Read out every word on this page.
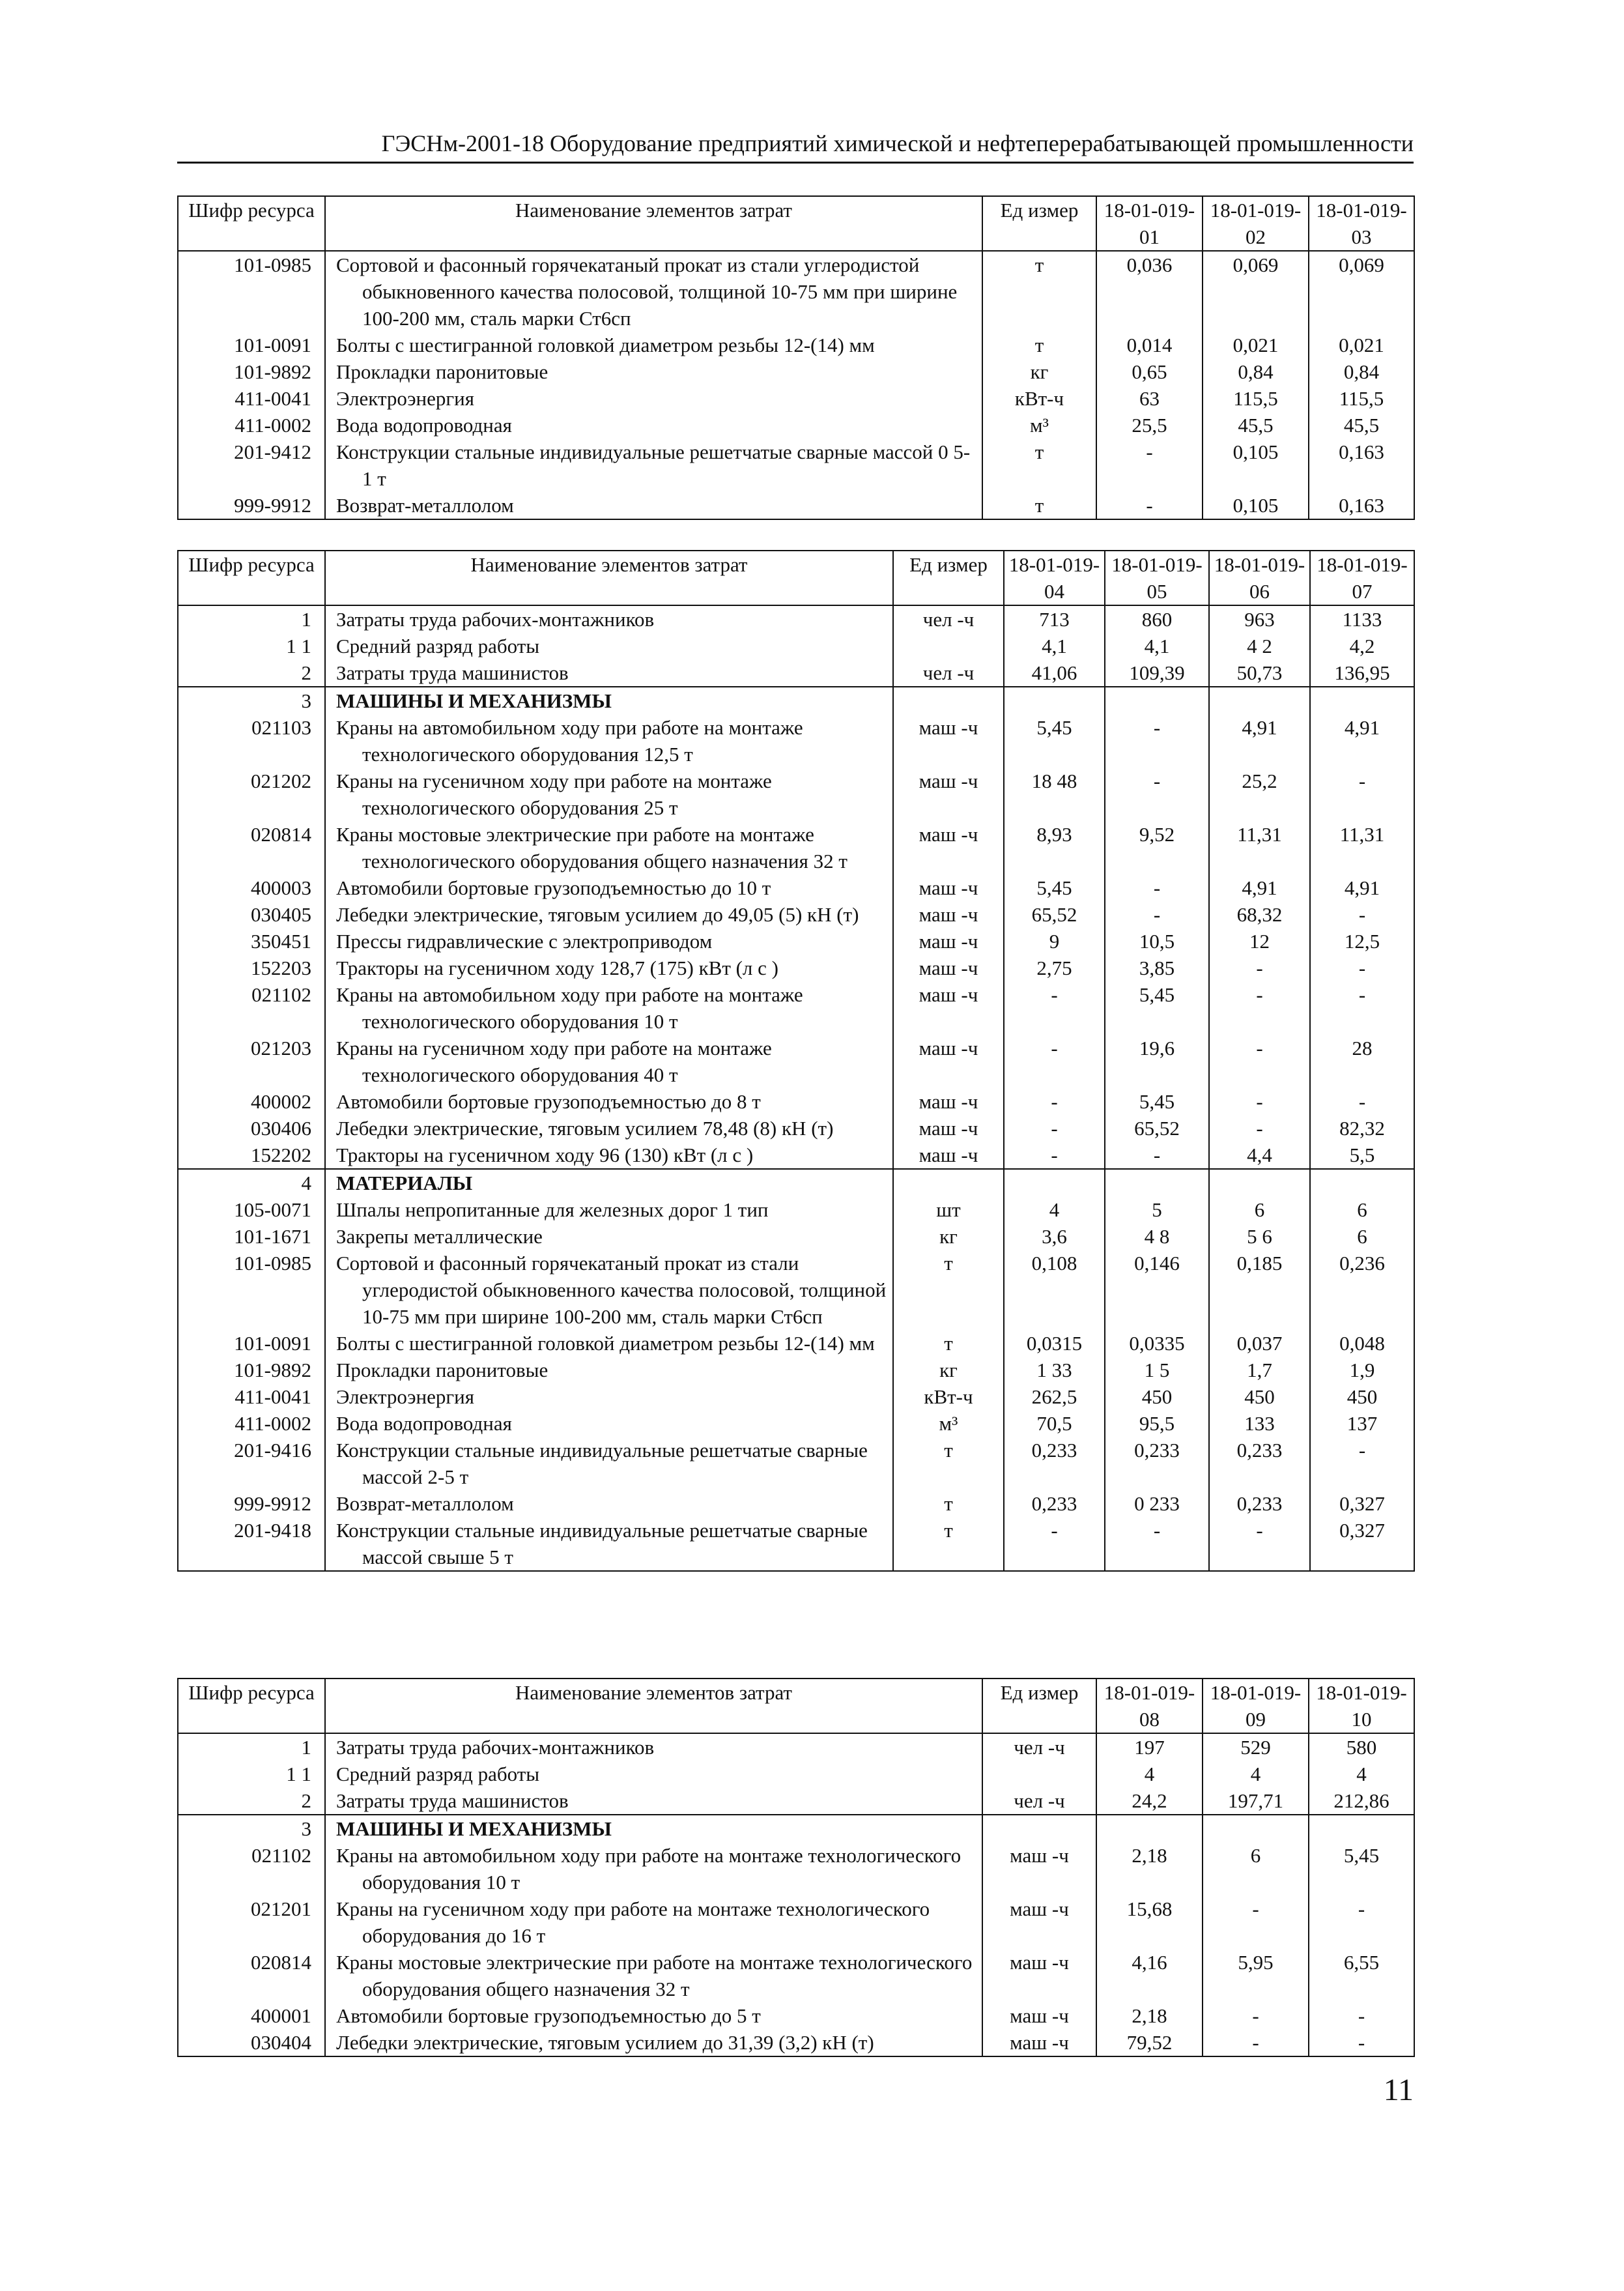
ГЭСНм-2001-18 Оборудование предприятий химической и нефтеперерабатывающей промышленности
Шифр ресурса	Наименование элементов затрат	Ед измер	18-01-019-01	18-01-019-02	18-01-019-03
101-0985	Сортовой и фасонный горячекатаный прокат из стали углеродистой обыкновенного качества полосовой, толщиной 10-75 мм при ширине 100-200 мм, сталь марки Ст6сп	т	0,036	0,069	0,069
101-0091	Болты с шестигранной головкой диаметром резьбы 12-(14) мм	т	0,014	0,021	0,021
101-9892	Прокладки паронитовые	кг	0,65	0,84	0,84
411-0041	Электроэнергия	кВт-ч	63	115,5	115,5
411-0002	Вода водопроводная	м³	25,5	45,5	45,5
201-9412	Конструкции стальные индивидуальные решетчатые сварные массой 0 5-1 т	т	-	0,105	0,163
999-9912	Возврат-металлолом	т	-	0,105	0,163
Шифр ресурса	Наименование элементов затрат	Ед измер	18-01-019-04	18-01-019-05	18-01-019-06	18-01-019-07
1	Затраты труда рабочих-монтажников	чел -ч	713	860	963	1133
1 1	Средний разряд работы		4,1	4,1	4 2	4,2
2	Затраты труда машинистов	чел -ч	41,06	109,39	50,73	136,95
3	МАШИНЫ И МЕХАНИЗМЫ					

021103	Краны на автомобильном ходу при работе на монтаже технологического оборудования 12,5 т	маш -ч	5,45	-	4,91	4,91
021202	Краны на гусеничном ходу при работе на монтаже технологического оборудования 25 т	маш -ч	18 48	-	25,2	-
020814	Краны мостовые электрические при работе на монтаже технологического оборудования общего назначения 32 т	маш -ч	8,93	9,52	11,31	11,31
400003	Автомобили бортовые грузоподъемностью до 10 т	маш -ч	5,45	-	4,91	4,91
030405	Лебедки электрические, тяговым усилием до 49,05 (5) кН (т)	маш -ч	65,52	-	68,32	-
350451	Прессы гидравлические с электроприводом	маш -ч	9	10,5	12	12,5
152203	Тракторы на гусеничном ходу 128,7 (175) кВт (л с )	маш -ч	2,75	3,85	-	-
021102	Краны на автомобильном ходу при работе на монтаже технологического оборудования 10 т	маш -ч	-	5,45	-	-
021203	Краны на гусеничном ходу при работе на монтаже технологического оборудования 40 т	маш -ч	-	19,6	-	28
400002	Автомобили бортовые грузоподъемностью до 8 т	маш -ч	-	5,45	-	-
030406	Лебедки электрические, тяговым усилием 78,48 (8) кН (т)	маш -ч	-	65,52	-	82,32
152202	Тракторы на гусеничном ходу 96 (130) кВт (л с )	маш -ч	-	-	4,4	5,5
4	МАТЕРИАЛЫ					

105-0071	Шпалы непропитанные для железных дорог 1 тип	шт	4	5	6	6
101-1671	Закрепы металлические	кг	3,6	4 8	5 6	6
101-0985	Сортовой и фасонный горячекатаный прокат из стали углеродистой обыкновенного качества полосовой, толщиной 10-75 мм при ширине 100-200 мм, сталь марки Ст6сп	т	0,108	0,146	0,185	0,236
101-0091	Болты с шестигранной головкой диаметром резьбы 12-(14) мм	т	0,0315	0,0335	0,037	0,048
101-9892	Прокладки паронитовые	кг	1 33	1 5	1,7	1,9
411-0041	Электроэнергия	кВт-ч	262,5	450	450	450
411-0002	Вода водопроводная	м³	70,5	95,5	133	137
201-9416	Конструкции стальные индивидуальные решетчатые сварные массой 2-5 т	т	0,233	0,233	0,233	-
999-9912	Возврат-металлолом	т	0,233	0 233	0,233	0,327
201-9418	Конструкции стальные индивидуальные решетчатые сварные массой свыше 5 т	т	-	-	-	0,327
Шифр ресурса	Наименование элементов затрат	Ед измер	18-01-019-08	18-01-019-09	18-01-019-10
1	Затраты труда рабочих-монтажников	чел -ч	197	529	580
1 1	Средний разряд работы		4	4	4
2	Затраты труда машинистов	чел -ч	24,2	197,71	212,86
3	МАШИНЫ И МЕХАНИЗМЫ				

021102	Краны на автомобильном ходу при работе на монтаже технологического оборудования 10 т	маш -ч	2,18	6	5,45
021201	Краны на гусеничном ходу при работе на монтаже технологического оборудования до 16 т	маш -ч	15,68	-	-
020814	Краны мостовые электрические при работе на монтаже технологического оборудования общего назначения 32 т	маш -ч	4,16	5,95	6,55
400001	Автомобили бортовые грузоподъемностью до 5 т	маш -ч	2,18	-	-
030404	Лебедки электрические, тяговым усилием до 31,39 (3,2) кН (т)	маш -ч	79,52	-	-
11
